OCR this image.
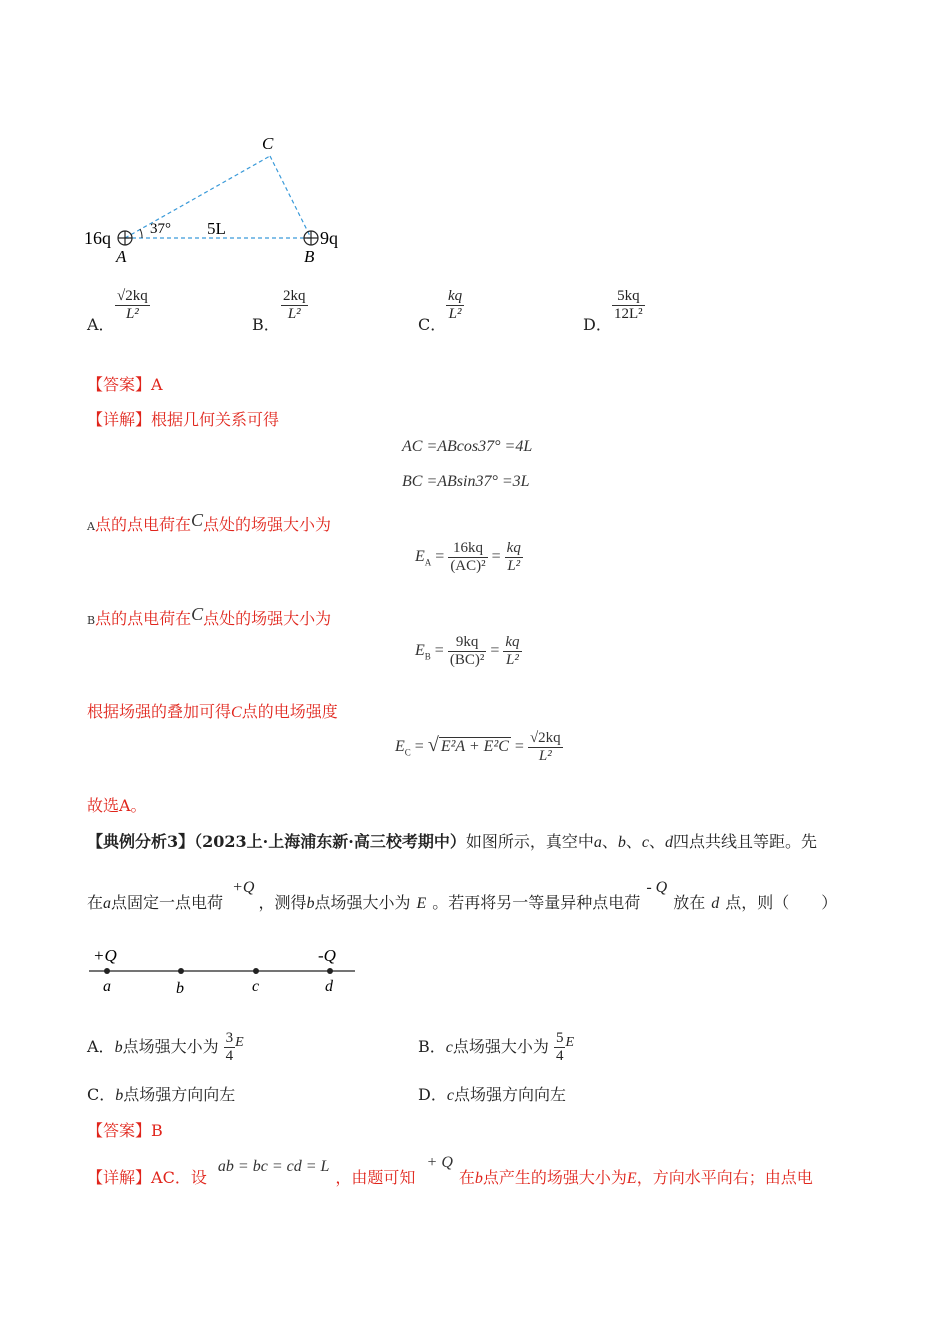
C
A	B
16q	9q
37° 5L
A．
$\frac{√2kq}{\text{L²}}$
B．
$\frac{2kq}{\text{L²}}$
C．
$\frac{kq}{\text{L²}}$
D．
$\frac{5kq}{\text{12L²}}$
【答案】A
【详解】根据几何关系可得
AC =ABcos37° =4L
BC =ABsin37° =3L
A点的点电荷在C点处的场强大小为
$E_A = \frac{16kq}{\text{(AC)²}} = \frac{kq}{\text{L²}}$
B点的点电荷在C点处的场强大小为
$E_B = \frac{9kq}{\text{(BC)²}} = \frac{kq}{\text{L²}}$
根据场强的叠加可得C点的电场强度
$E_C$ = √ $E^2A + E^2C = \frac{√2kq}{\text{L²}}$
故选A。
【典例分析3】（2023上·上海浦东新·高三校考期中）如图所示，真空中a、b、c、d四点共线且等距。先
在a点固定一点电荷 +Q，测得b点场强大小为 E 。若再将另一等量异种点电荷- Q放在 d 点，则（　　）
+Q	-Q
a	b	c	d
A．b点场强大小为 $\frac{3}{4}$ E	B．c点场强大小为 $\frac{5}{4}$ E
C．b点场强方向向左	D．c点场强方向向左
【答案】B
【详解】AC．设 ab = bc = cd = L，由题可知 + Q在b点产生的场强大小为E，方向水平向右；由点电
